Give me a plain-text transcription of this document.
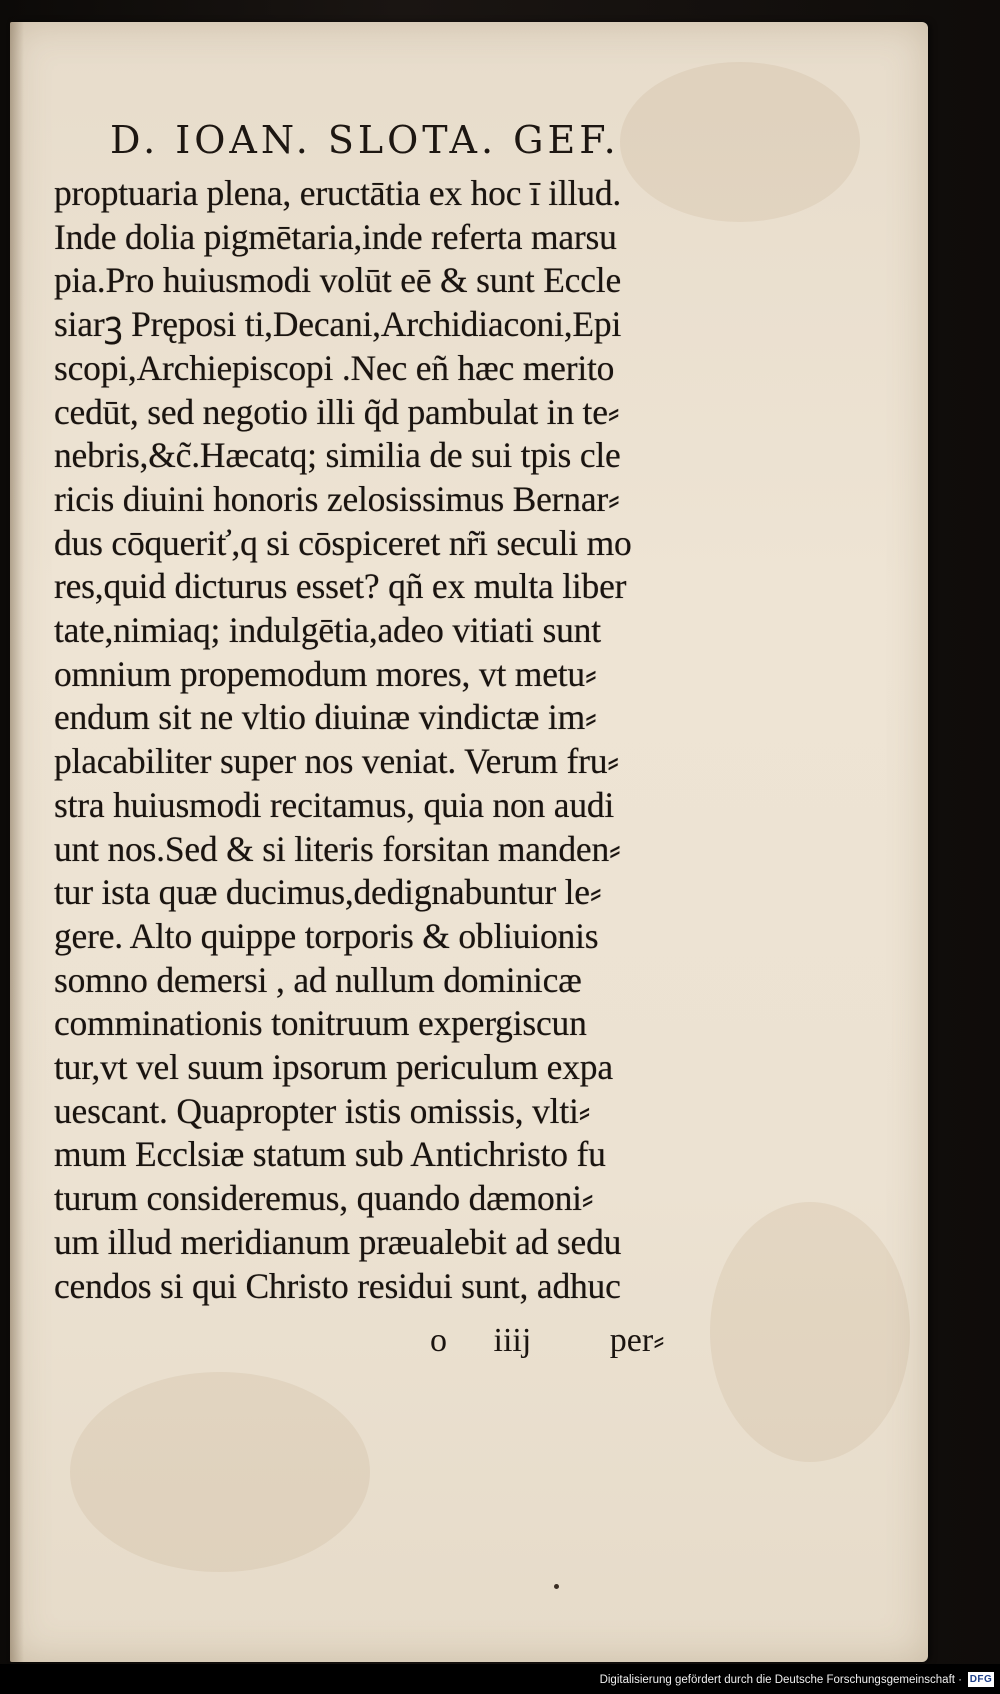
D. IOAN. SLOTA. GEF.
proptuaria plena, eructātia ex hoc ī illud.
Inde dolia pigmētaria,inde referta marsu
pia.Pro huiusmodi volūt eē & sunt Eccle
siarꝫ Pręposi ti,Decani,Archidiaconi,Epi
scopi,Archiepiscopi .Nec eñ hæc merito
cedūt, sed negotio illi q̃d pambulat in te⸗
nebris,&c̃.Hæcatq; similia de sui tpis cle
ricis diuini honoris zelosissimus Bernar⸗
dus cōqueriť,q si cōspiceret nr̃i seculi mo
res,quid dicturus esset? qñ ex multa liber
tate,nimiaq; indulgētia,adeo vitiati sunt
omnium propemodum mores, vt metu⸗
endum sit ne vltio diuinæ vindictæ im⸗
placabiliter super nos veniat. Verum fru⸗
stra huiusmodi recitamus, quia non audi
unt nos.Sed & si literis forsitan manden⸗
tur ista quæ ducimus,dedignabuntur le⸗
gere. Alto quippe torporis & obliuionis
somno demersi , ad nullum dominicæ
comminationis tonitruum expergiscun
tur,vt vel suum ipsorum periculum expa
uescant. Quapropter istis omissis, vlti⸗
mum Ecclsiæ statum sub Antichristo fu
turum consideremus, quando dæmoni⸗
um illud meridianum præualebit ad sedu
cendos si qui Christo residui sunt, adhuc
o iiij per⸗
Digitalisierung gefördert durch die Deutsche Forschungsgemeinschaft · DFG
